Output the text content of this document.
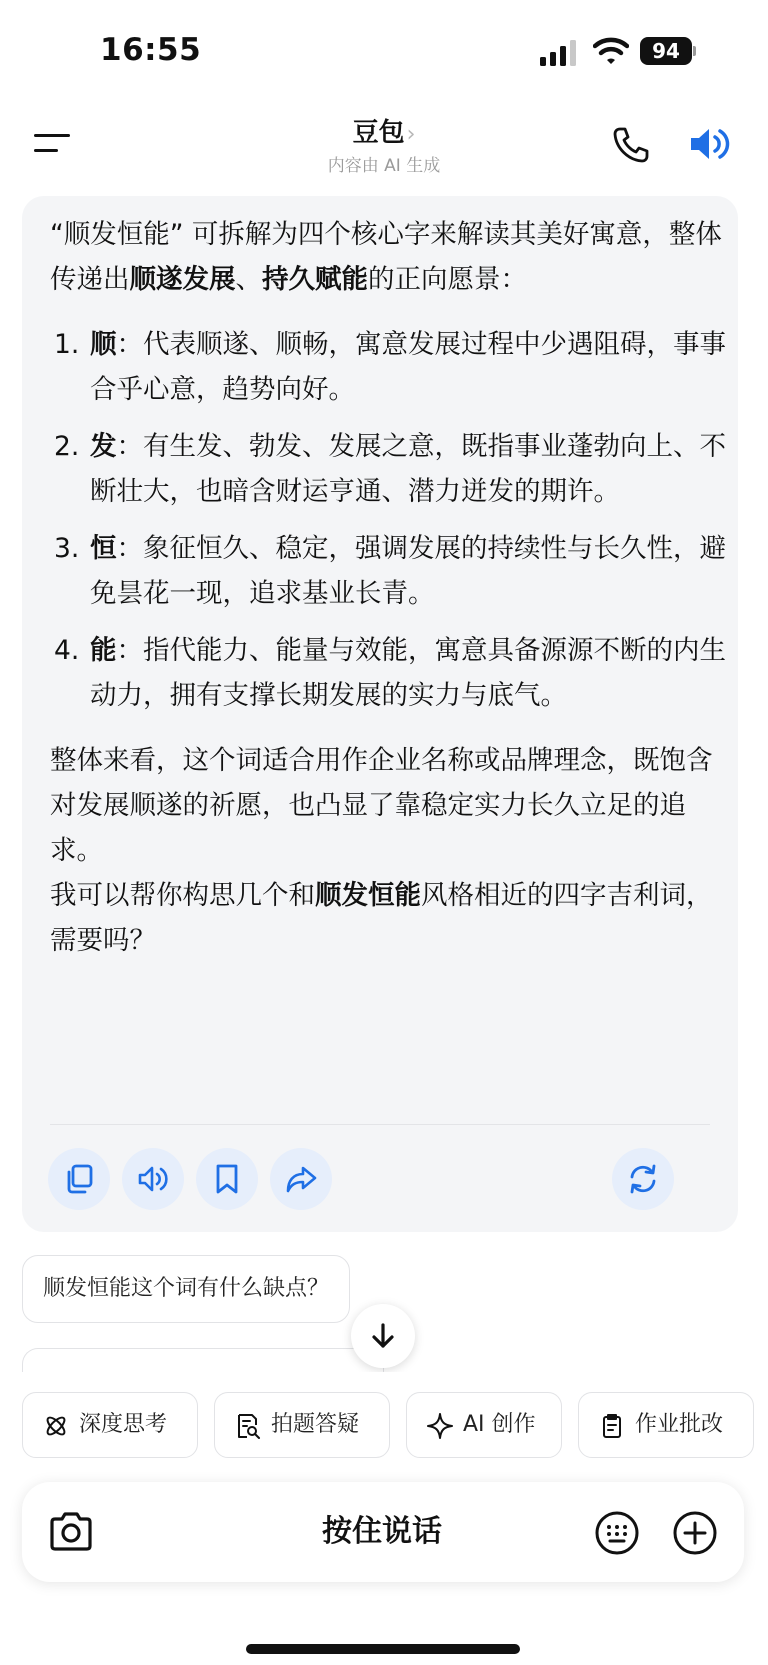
16:55	94
豆包›
内容由 AI 生成

“顺发恒能” 可拆解为四个核心字来解读其美好寓意，整体传递出顺遂发展、持久赋能的正向愿景：

1. 顺：代表顺遂、顺畅，寓意发展过程中少遇阻碍，事事合乎心意，趋势向好。
2. 发：有生发、勃发、发展之意，既指事业蓬勃向上、不断壮大，也暗含财运亨通、潜力迸发的期许。
3. 恒：象征恒久、稳定，强调发展的持续性与长久性，避免昙花一现，追求基业长青。
4. 能：指代能力、能量与效能，寓意具备源源不断的内生动力，拥有支撑长期发展的实力与底气。

整体来看，这个词适合用作企业名称或品牌理念，既饱含对发展顺遂的祈愿，也凸显了靠稳定实力长久立足的追求。

我可以帮你构思几个和顺发恒能风格相近的四字吉利词，需要吗？

顺发恒能这个词有什么缺点？
深度思考	拍题答疑	AI 创作	作业批改
按住说话
